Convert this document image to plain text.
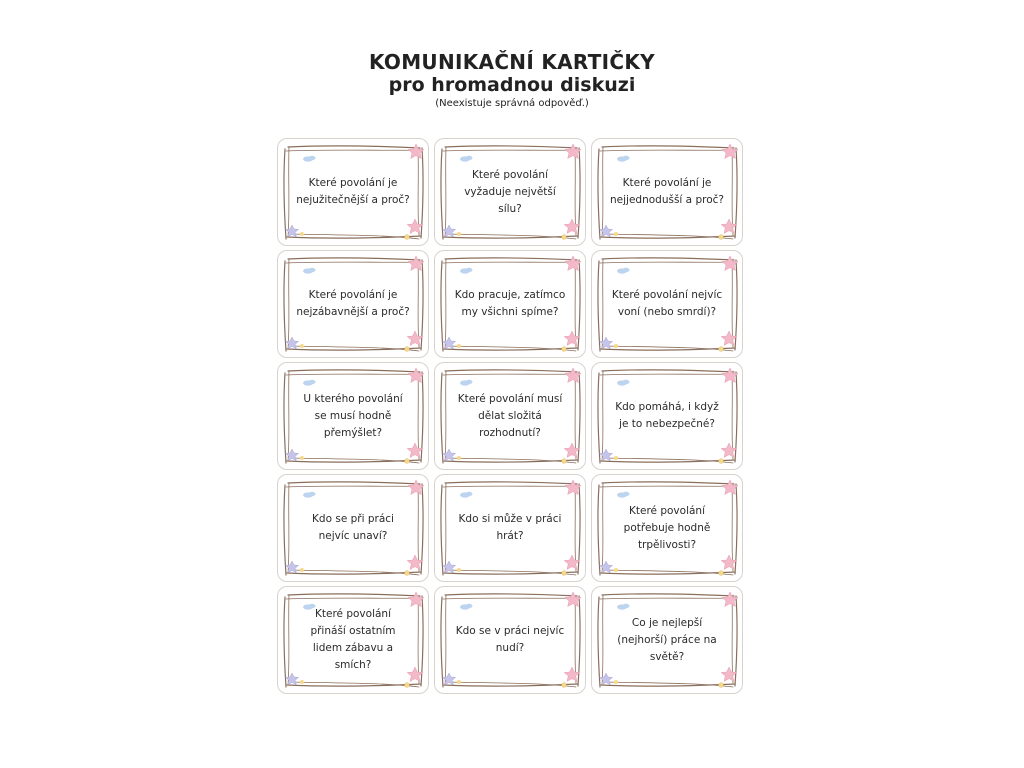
KOMUNIKAČNÍ KARTIČKY
pro hromadnou diskuzi
(Neexistuje správná odpověď.)
Které povolání je nejužitečnější a proč?
Které povolání vyžaduje největší sílu?
Které povolání je nejjednodušší a proč?
Které povolání je nejzábavnější a proč?
Kdo pracuje, zatímco my všichni spíme?
Které povolání nejvíc voní (nebo smrdí)?
U kterého povolání se musí hodně přemýšlet?
Které povolání musí dělat složitá rozhodnutí?
Kdo pomáhá, i když je to nebezpečné?
Kdo se při práci nejvíc unaví?
Kdo si může v práci hrát?
Které povolání potřebuje hodně trpělivosti?
Které povolání přináší ostatním lidem zábavu a smích?
Kdo se v práci nejvíc nudí?
Co je nejlepší (nejhorší) práce na světě?
